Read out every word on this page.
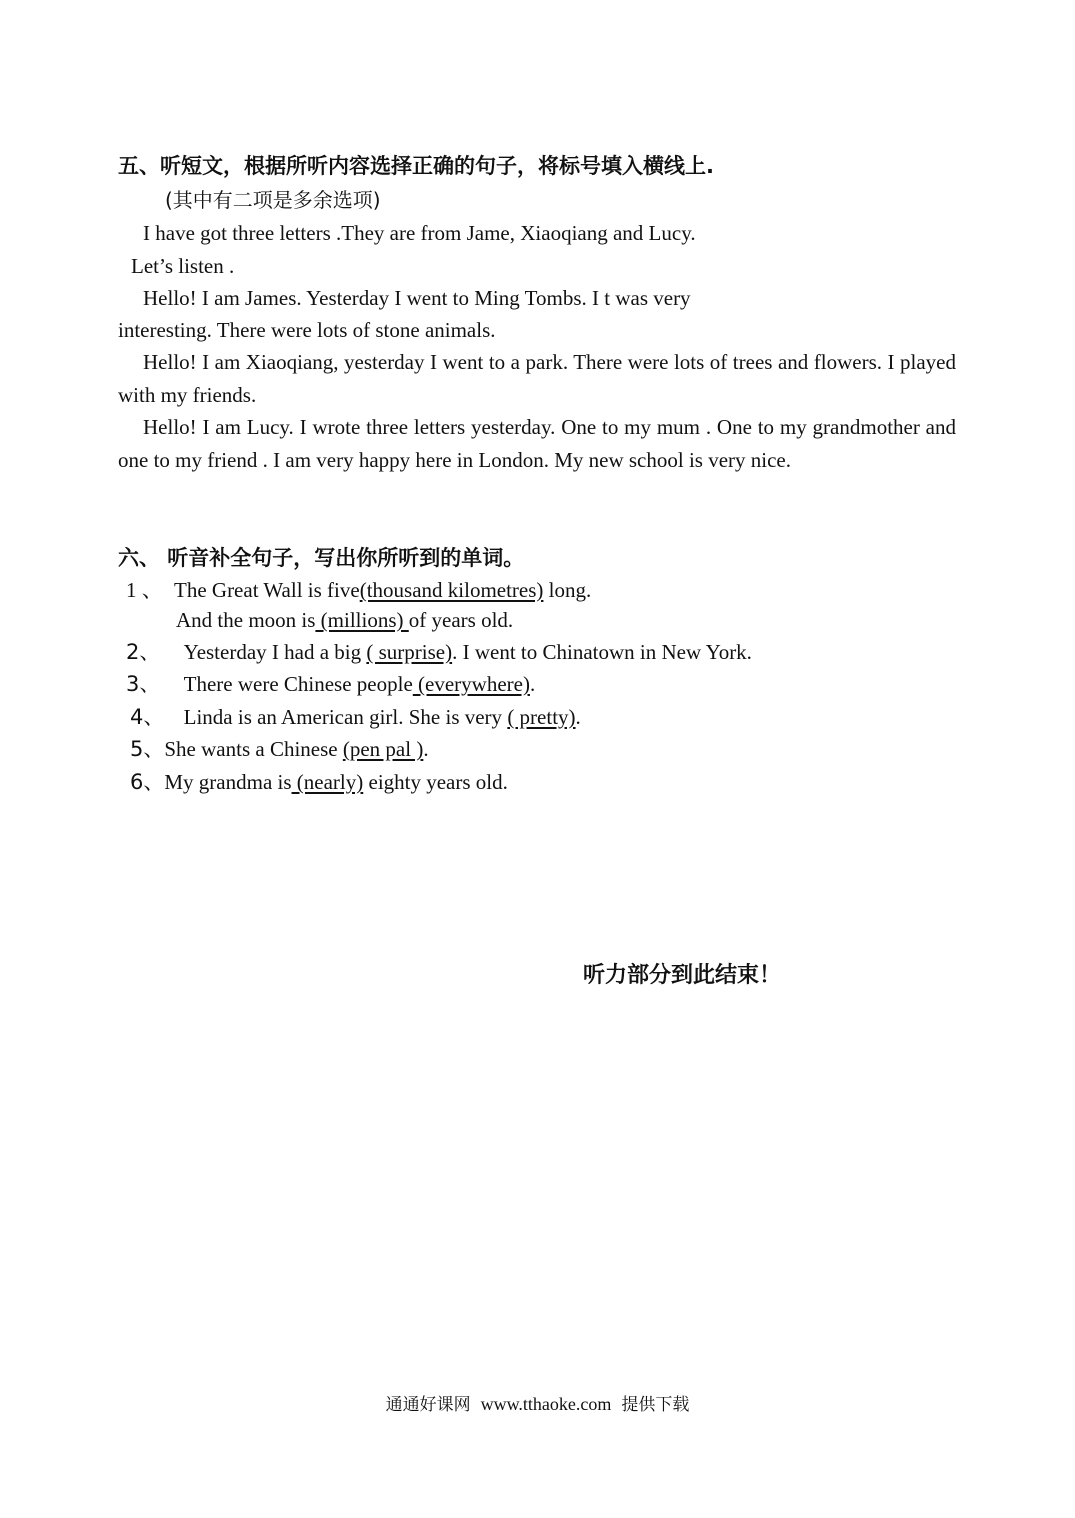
五、听短文，根据所听内容选择正确的句子，将标号填入横线上.
(其中有二项是多余选项)
I have got three letters .They are from Jame, Xiaoqiang and Lucy.
Let’s listen .
Hello! I am James. Yesterday I went to Ming Tombs. I t was very
interesting. There were lots of stone animals.
Hello! I am Xiaoqiang, yesterday I went to a park. There were lots of trees and flowers. I played with my friends.
Hello! I am Lucy. I wrote three letters yesterday. One to my mum . One to my grandmother and one to my friend . I am very happy here in London. My new school is very nice.
六、 听音补全句子，写出你所听到的单词。
1 、 The Great Wall is five(thousand kilometres) long.
And the moon is (millions) of years old.
2、 Yesterday I had a big ( surprise). I went to Chinatown in New York.
3、 There were Chinese people (everywhere).
4、 Linda is an American girl. She is very ( pretty).
5、She wants a Chinese (pen pal ).
6、My grandma is (nearly) eighty years old.
听力部分到此结束！
通通好课网 www.tthaoke.com 提供下载
